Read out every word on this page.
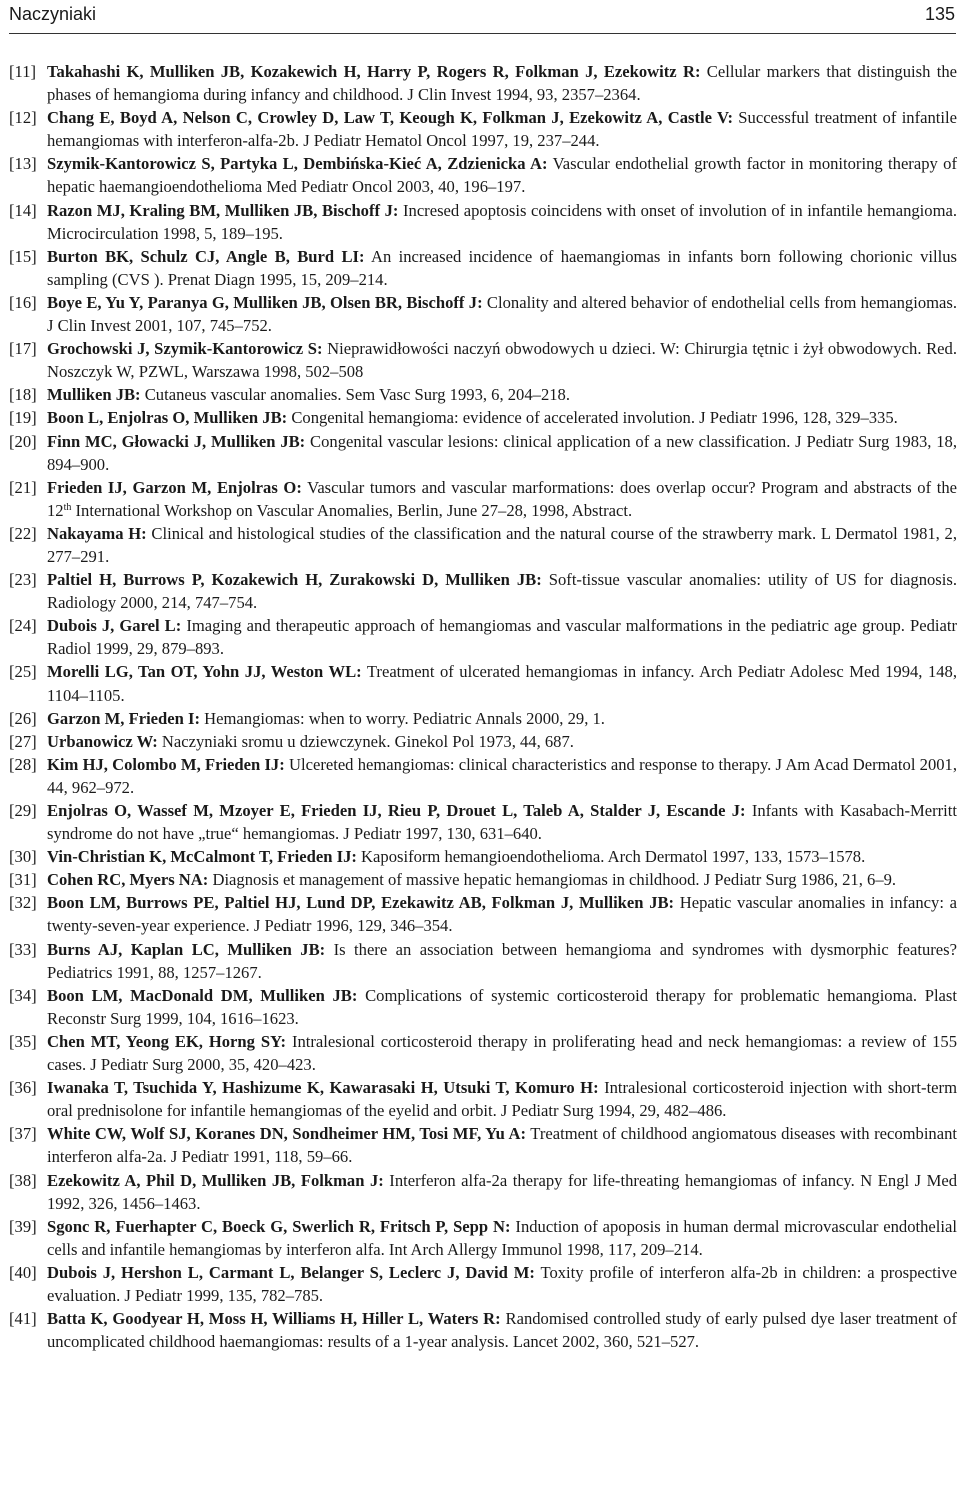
Naczyniaki	135
[11] Takahashi K, Mulliken JB, Kozakewich H, Harry P, Rogers R, Folkman J, Ezekowitz R: Cellular markers that distinguish the phases of hemangioma during infancy and childhood. J Clin Invest 1994, 93, 2357–2364.
[12] Chang E, Boyd A, Nelson C, Crowley D, Law T, Keough K, Folkman J, Ezekowitz A, Castle V: Successful treatment of infantile hemangiomas with interferon-alfa-2b. J Pediatr Hematol Oncol 1997, 19, 237–244.
[13] Szymik-Kantorowicz S, Partyka L, Dembińska-Kieć A, Zdzienicka A: Vascular endothelial growth factor in monitoring therapy of hepatic haemangioendothelioma Med Pediatr Oncol 2003, 40, 196–197.
[14] Razon MJ, Kraling BM, Mulliken JB, Bischoff J: Incresed apoptosis coincidens with onset of involution of in infantile hemangioma. Microcirculation 1998, 5, 189–195.
[15] Burton BK, Schulz CJ, Angle B, Burd LI: An increased incidence of haemangiomas in infants born following chorionic villus sampling (CVS ). Prenat Diagn 1995, 15, 209–214.
[16] Boye E, Yu Y, Paranya G, Mulliken JB, Olsen BR, Bischoff J: Clonality and altered behavior of endothelial cells from hemangiomas. J Clin Invest 2001, 107, 745–752.
[17] Grochowski J, Szymik-Kantorowicz S: Nieprawidłowości naczyń obwodowych u dzieci. W: Chirurgia tętnic i żył obwodowych. Red. Noszczyk W, PZWL, Warszawa 1998, 502–508
[18] Mulliken JB: Cutaneus vascular anomalies. Sem Vasc Surg 1993, 6, 204–218.
[19] Boon L, Enjolras O, Mulliken JB: Congenital hemangioma: evidence of accelerated involution. J Pediatr 1996, 128, 329–335.
[20] Finn MC, Głowacki J, Mulliken JB: Congenital vascular lesions: clinical application of a new classification. J Pediatr Surg 1983, 18, 894–900.
[21] Frieden IJ, Garzon M, Enjolras O: Vascular tumors and vascular marformations: does overlap occur? Program and abstracts of the 12th International Workshop on Vascular Anomalies, Berlin, June 27–28, 1998, Abstract.
[22] Nakayama H: Clinical and histological studies of the classification and the natural course of the strawberry mark. L Dermatol 1981, 2, 277–291.
[23] Paltiel H, Burrows P, Kozakewich H, Zurakowski D, Mulliken JB: Soft-tissue vascular anomalies: utility of US for diagnosis. Radiology 2000, 214, 747–754.
[24] Dubois J, Garel L: Imaging and therapeutic approach of hemangiomas and vascular malformations in the pediatric age group. Pediatr Radiol 1999, 29, 879–893.
[25] Morelli LG, Tan OT, Yohn JJ, Weston WL: Treatment of ulcerated hemangiomas in infancy. Arch Pediatr Adolesc Med 1994, 148, 1104–1105.
[26] Garzon M, Frieden I: Hemangiomas: when to worry. Pediatric Annals 2000, 29, 1.
[27] Urbanowicz W: Naczyniaki sromu u dziewczynek. Ginekol Pol 1973, 44, 687.
[28] Kim HJ, Colombo M, Frieden IJ: Ulcereted hemangiomas: clinical characteristics and response to therapy. J Am Acad Dermatol 2001, 44, 962–972.
[29] Enjolras O, Wassef M, Mzoyer E, Frieden IJ, Rieu P, Drouet L, Taleb A, Stalder J, Escande J: Infants with Kasabach-Merritt syndrome do not have „true“ hemangiomas. J Pediatr 1997, 130, 631–640.
[30] Vin-Christian K, McCalmont T, Frieden IJ: Kaposiform hemangioendothelioma. Arch Dermatol 1997, 133, 1573–1578.
[31] Cohen RC, Myers NA: Diagnosis et management of massive hepatic hemangiomas in childhood. J Pediatr Surg 1986, 21, 6–9.
[32] Boon LM, Burrows PE, Paltiel HJ, Lund DP, Ezekawitz AB, Folkman J, Mulliken JB: Hepatic vascular anomalies in infancy: a twenty-seven-year experience. J Pediatr 1996, 129, 346–354.
[33] Burns AJ, Kaplan LC, Mulliken JB: Is there an association between hemangioma and syndromes with dysmorphic features? Pediatrics 1991, 88, 1257–1267.
[34] Boon LM, MacDonald DM, Mulliken JB: Complications of systemic corticosteroid therapy for problematic hemangioma. Plast Reconstr Surg 1999, 104, 1616–1623.
[35] Chen MT, Yeong EK, Horng SY: Intralesional corticosteroid therapy in proliferating head and neck hemangiomas: a review of 155 cases. J Pediatr Surg 2000, 35, 420–423.
[36] Iwanaka T, Tsuchida Y, Hashizume K, Kawarasaki H, Utsuki T, Komuro H: Intralesional corticosteroid injection with short-term oral prednisolone for infantile hemangiomas of the eyelid and orbit. J Pediatr Surg 1994, 29, 482–486.
[37] White CW, Wolf SJ, Koranes DN, Sondheimer HM, Tosi MF, Yu A: Treatment of childhood angiomatous diseases with recombinant interferon alfa-2a. J Pediatr 1991, 118, 59–66.
[38] Ezekowitz A, Phil D, Mulliken JB, Folkman J: Interferon alfa-2a therapy for life-threating hemangiomas of infancy. N Engl J Med 1992, 326, 1456–1463.
[39] Sgonc R, Fuerhapter C, Boeck G, Swerlich R, Fritsch P, Sepp N: Induction of apoposis in human dermal microvascular endothelial cells and infantile hemangiomas by interferon alfa. Int Arch Allergy Immunol 1998, 117, 209–214.
[40] Dubois J, Hershon L, Carmant L, Belanger S, Leclerc J, David M: Toxity profile of interferon alfa-2b in children: a prospective evaluation. J Pediatr 1999, 135, 782–785.
[41] Batta K, Goodyear H, Moss H, Williams H, Hiller L, Waters R: Randomised controlled study of early pulsed dye laser treatment of uncomplicated childhood haemangiomas: results of a 1-year analysis. Lancet 2002, 360, 521–527.
